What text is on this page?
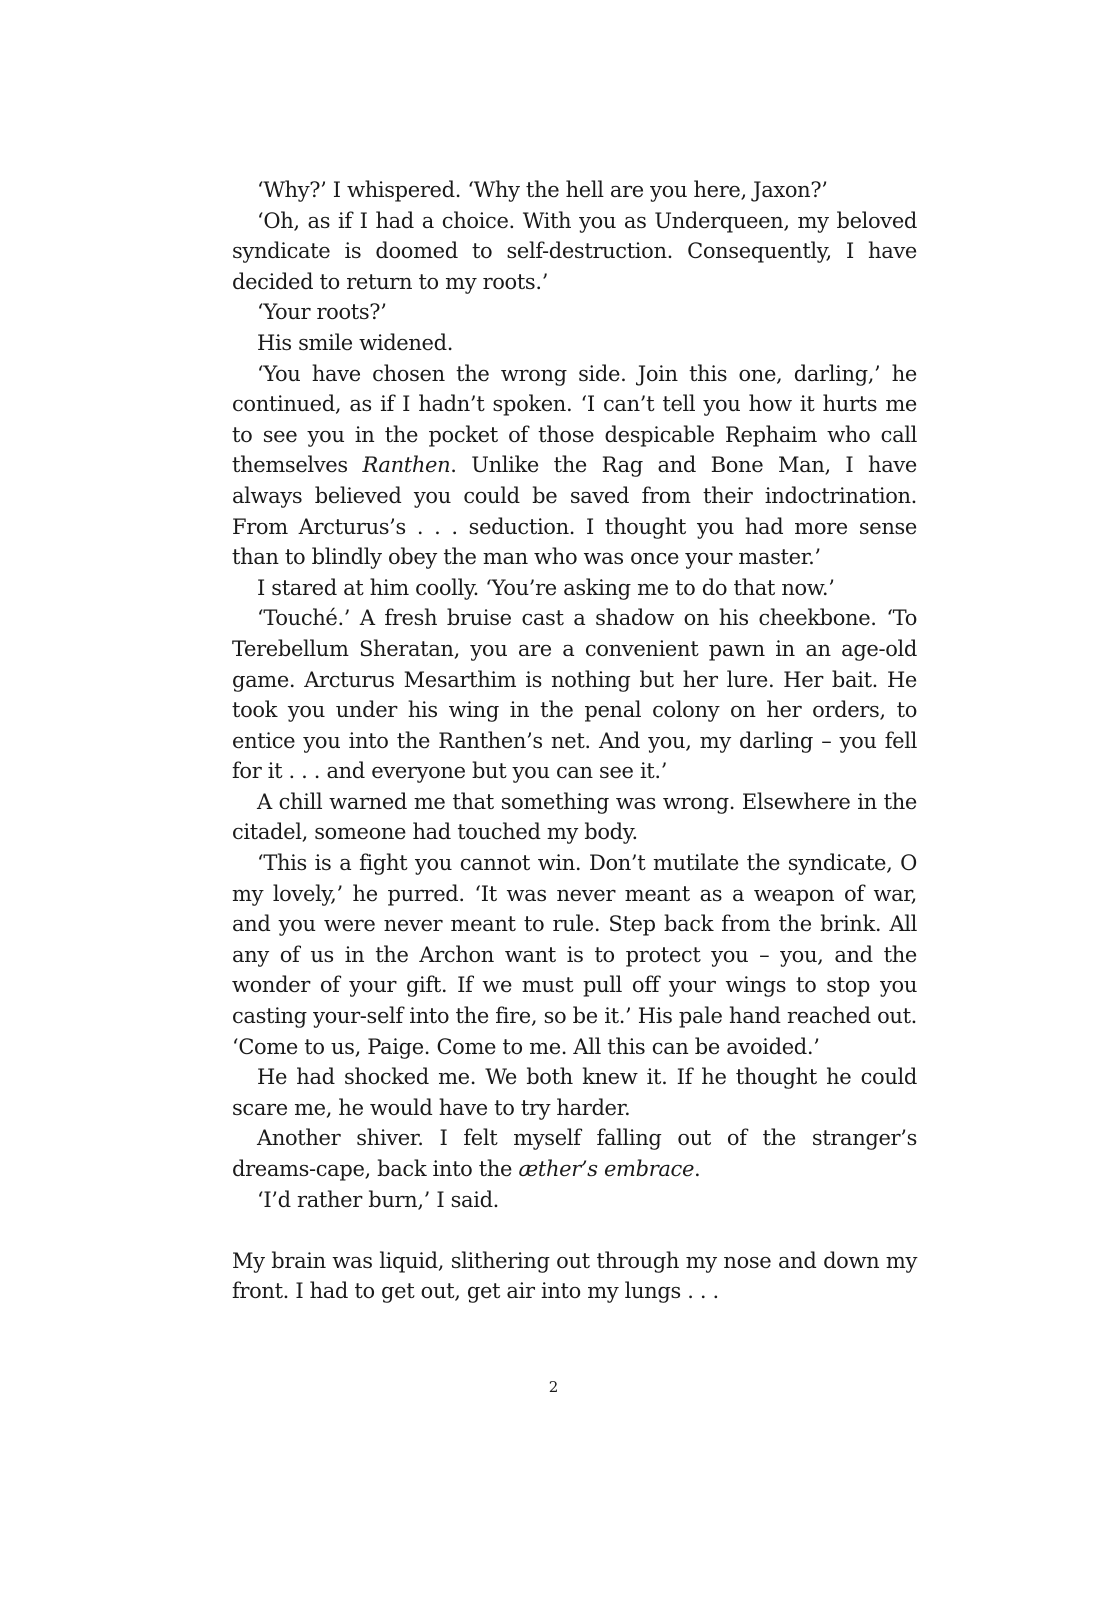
‘Why?’ I whispered. ‘Why the hell are you here, Jaxon?’

‘Oh, as if I had a choice. With you as Underqueen, my beloved syndicate is doomed to self-destruction. Consequently, I have decided to return to my roots.’

‘Your roots?’

His smile widened.

‘You have chosen the wrong side. Join this one, darling,’ he continued, as if I hadn’t spoken. ‘I can’t tell you how it hurts me to see you in the pocket of those despicable Rephaim who call themselves Ranthen. Unlike the Rag and Bone Man, I have always believed you could be saved from their indoctrination. From Arcturus’s . . . seduction. I thought you had more sense than to blindly obey the man who was once your master.’

I stared at him coolly. ‘You’re asking me to do that now.’

‘Touché.’ A fresh bruise cast a shadow on his cheekbone. ‘To Terebellum Sheratan, you are a convenient pawn in an age-old game. Arcturus Mesarthim is nothing but her lure. Her bait. He took you under his wing in the penal colony on her orders, to entice you into the Ranthen’s net. And you, my darling – you fell for it . . . and everyone but you can see it.’

A chill warned me that something was wrong. Elsewhere in the citadel, someone had touched my body.

‘This is a fight you cannot win. Don’t mutilate the syndicate, O my lovely,’ he purred. ‘It was never meant as a weapon of war, and you were never meant to rule. Step back from the brink. All any of us in the Archon want is to protect you – you, and the wonder of your gift. If we must pull off your wings to stop you casting your-self into the fire, so be it.’ His pale hand reached out. ‘Come to us, Paige. Come to me. All this can be avoided.’

He had shocked me. We both knew it. If he thought he could scare me, he would have to try harder.

Another shiver. I felt myself falling out of the stranger’s dreams-cape, back into the æther’s embrace.

‘I’d rather burn,’ I said.

My brain was liquid, slithering out through my nose and down my front. I had to get out, get air into my lungs . . .

2
